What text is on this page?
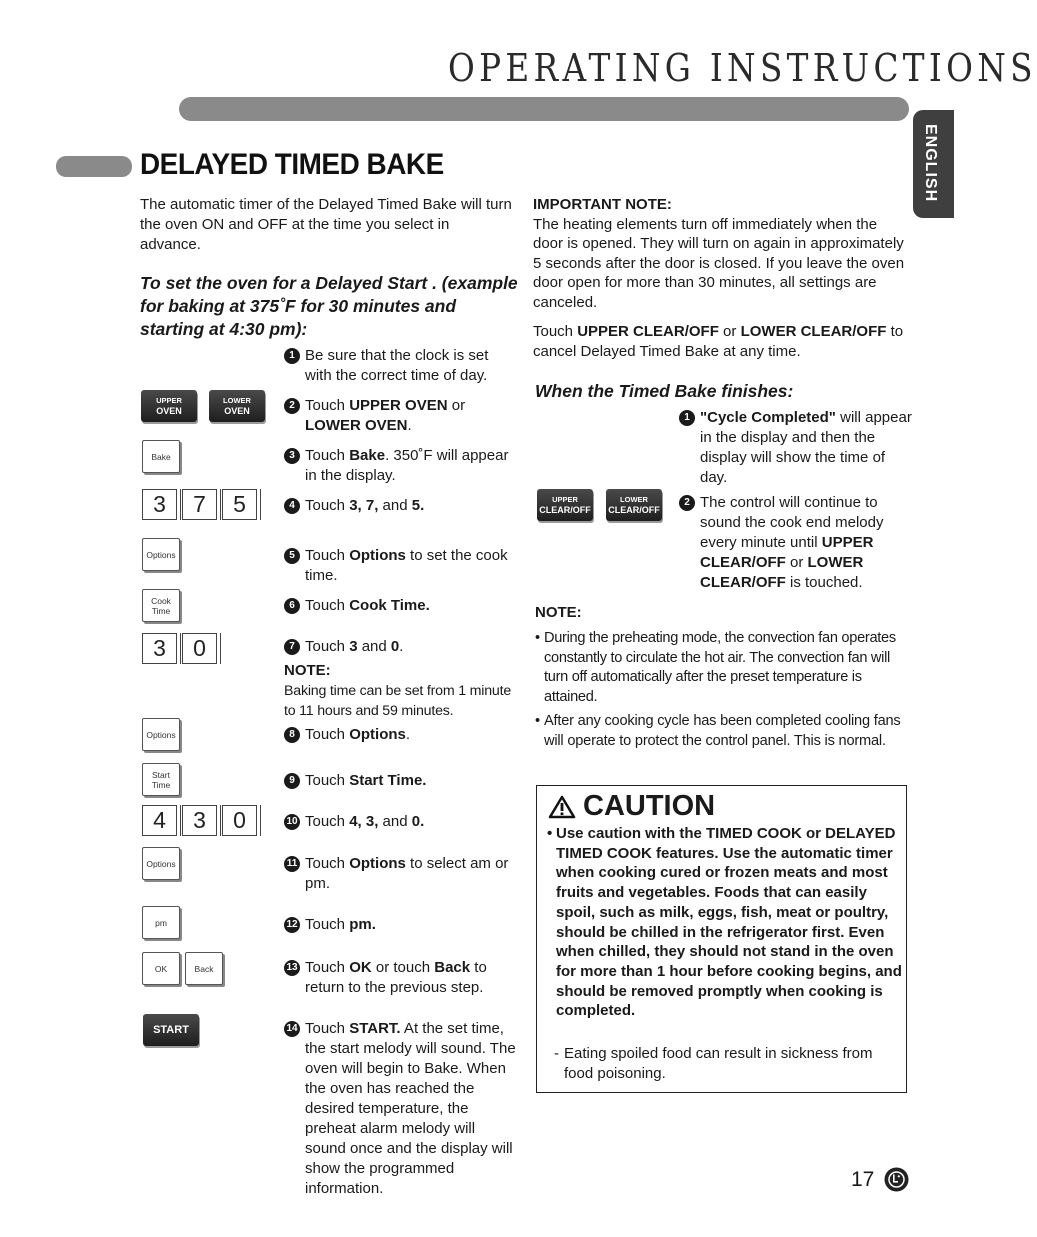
OPERATING INSTRUCTIONS
ENGLISH
DELAYED TIMED BAKE

The automatic timer of the Delayed Timed Bake will turn the oven ON and OFF at the time you select in advance.

To set the oven for a Delayed Start . (example for baking at 375˚F for 30 minutes and starting at 4:30 pm):
UPPER
OVEN
LOWER
OVEN
Bake
3	7	5
Options
Cook
Time
3	0
Options
Start
Time
4	3	0
Options
pm
OK	Back
START
1 Be sure that the clock is set with the correct time of day.
2 Touch UPPER OVEN or LOWER OVEN.
3 Touch Bake. 350˚F will appear in the display.
4 Touch 3, 7, and 5.
5 Touch Options to set the cook time.
6 Touch Cook Time.
7 Touch 3 and 0.
NOTE:
Baking time can be set from 1 minute to 11 hours and 59 minutes.
8 Touch Options.
9 Touch Start Time.
10 Touch 4, 3, and 0.
11 Touch Options to select am or pm.
12 Touch pm.
13 Touch OK or touch Back to return to the previous step.
14 Touch START. At the set time, the start melody will sound. The oven will begin to Bake. When the oven has reached the desired temperature, the preheat alarm melody will sound once and the display will show the programmed information.
IMPORTANT NOTE:
The heating elements turn off immediately when the door is opened. They will turn on again in approximately 5 seconds after the door is closed. If you leave the oven door open for more than 30 minutes, all settings are canceled.
Touch UPPER CLEAR/OFF or LOWER CLEAR/OFF to cancel Delayed Timed Bake at any time.
When the Timed Bake finishes:
1 "Cycle Completed" will appear in the display and then the display will show the time of day.
UPPER
CLEAR/OFF
LOWER
CLEAR/OFF
2 The control will continue to sound the cook end melody every minute until UPPER CLEAR/OFF or LOWER CLEAR/OFF is touched.
NOTE:
• During the preheating mode, the convection fan operates constantly to circulate the hot air. The convection fan will turn off automatically after the preset temperature is attained.
• After any cooking cycle has been completed cooling fans will operate to protect the control panel. This is normal.
CAUTION
• Use caution with the TIMED COOK or DELAYED TIMED COOK features. Use the automatic timer when cooking cured or frozen meats and most fruits and vegetables. Foods that can easily spoil, such as milk, eggs, fish, meat or poultry, should be chilled in the refrigerator first. Even when chilled, they should not stand in the oven for more than 1 hour before cooking begins, and should be removed promptly when cooking is completed.
- Eating spoiled food can result in sickness from food poisoning.
17
